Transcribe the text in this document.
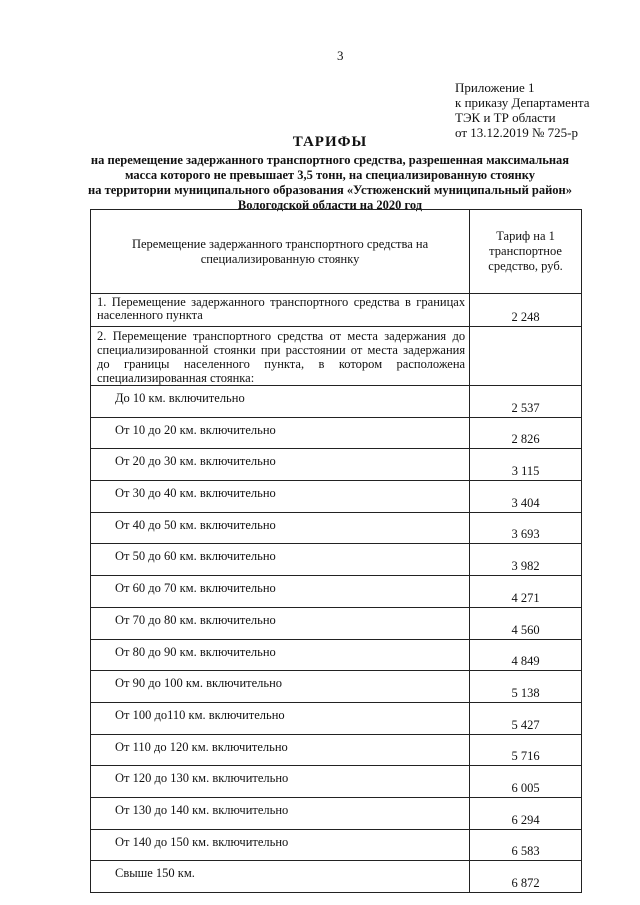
3
Приложение 1
к приказу Департамента
ТЭК и ТР области
от 13.12.2019 № 725-р
ТАРИФЫ
на перемещение задержанного транспортного средства, разрешенная максимальная
масса которого не превышает 3,5 тонн, на специализированную стоянку
на территории муниципального образования «Устюженский муниципальный район»
Вологодской области на 2020 год
Перемещение задержанного транспортного средства на специализированную стоянку	Тариф на 1 транспортное средство, руб.
1. Перемещение задержанного транспортного средства в границах населенного пункта	2 248
2. Перемещение транспортного средства от места задержания до специализированной стоянки при расстоянии от места задержания до границы населенного пункта, в котором расположена специализированная стоянка:	
До 10 км. включительно	2 537
От 10 до 20 км. включительно	2 826
От 20 до 30 км. включительно	3 115
От 30 до 40 км. включительно	3 404
От 40 до 50 км. включительно	3 693
От 50 до 60 км. включительно	3 982
От 60 до 70 км. включительно	4 271
От 70 до 80 км. включительно	4 560
От 80 до 90 км. включительно	4 849
От 90 до 100 км. включительно	5 138
От 100 до110 км. включительно	5 427
От 110 до 120 км. включительно	5 716
От 120 до 130 км. включительно	6 005
От 130 до 140 км. включительно	6 294
От 140 до 150 км. включительно	6 583
Свыше 150 км.	6 872
